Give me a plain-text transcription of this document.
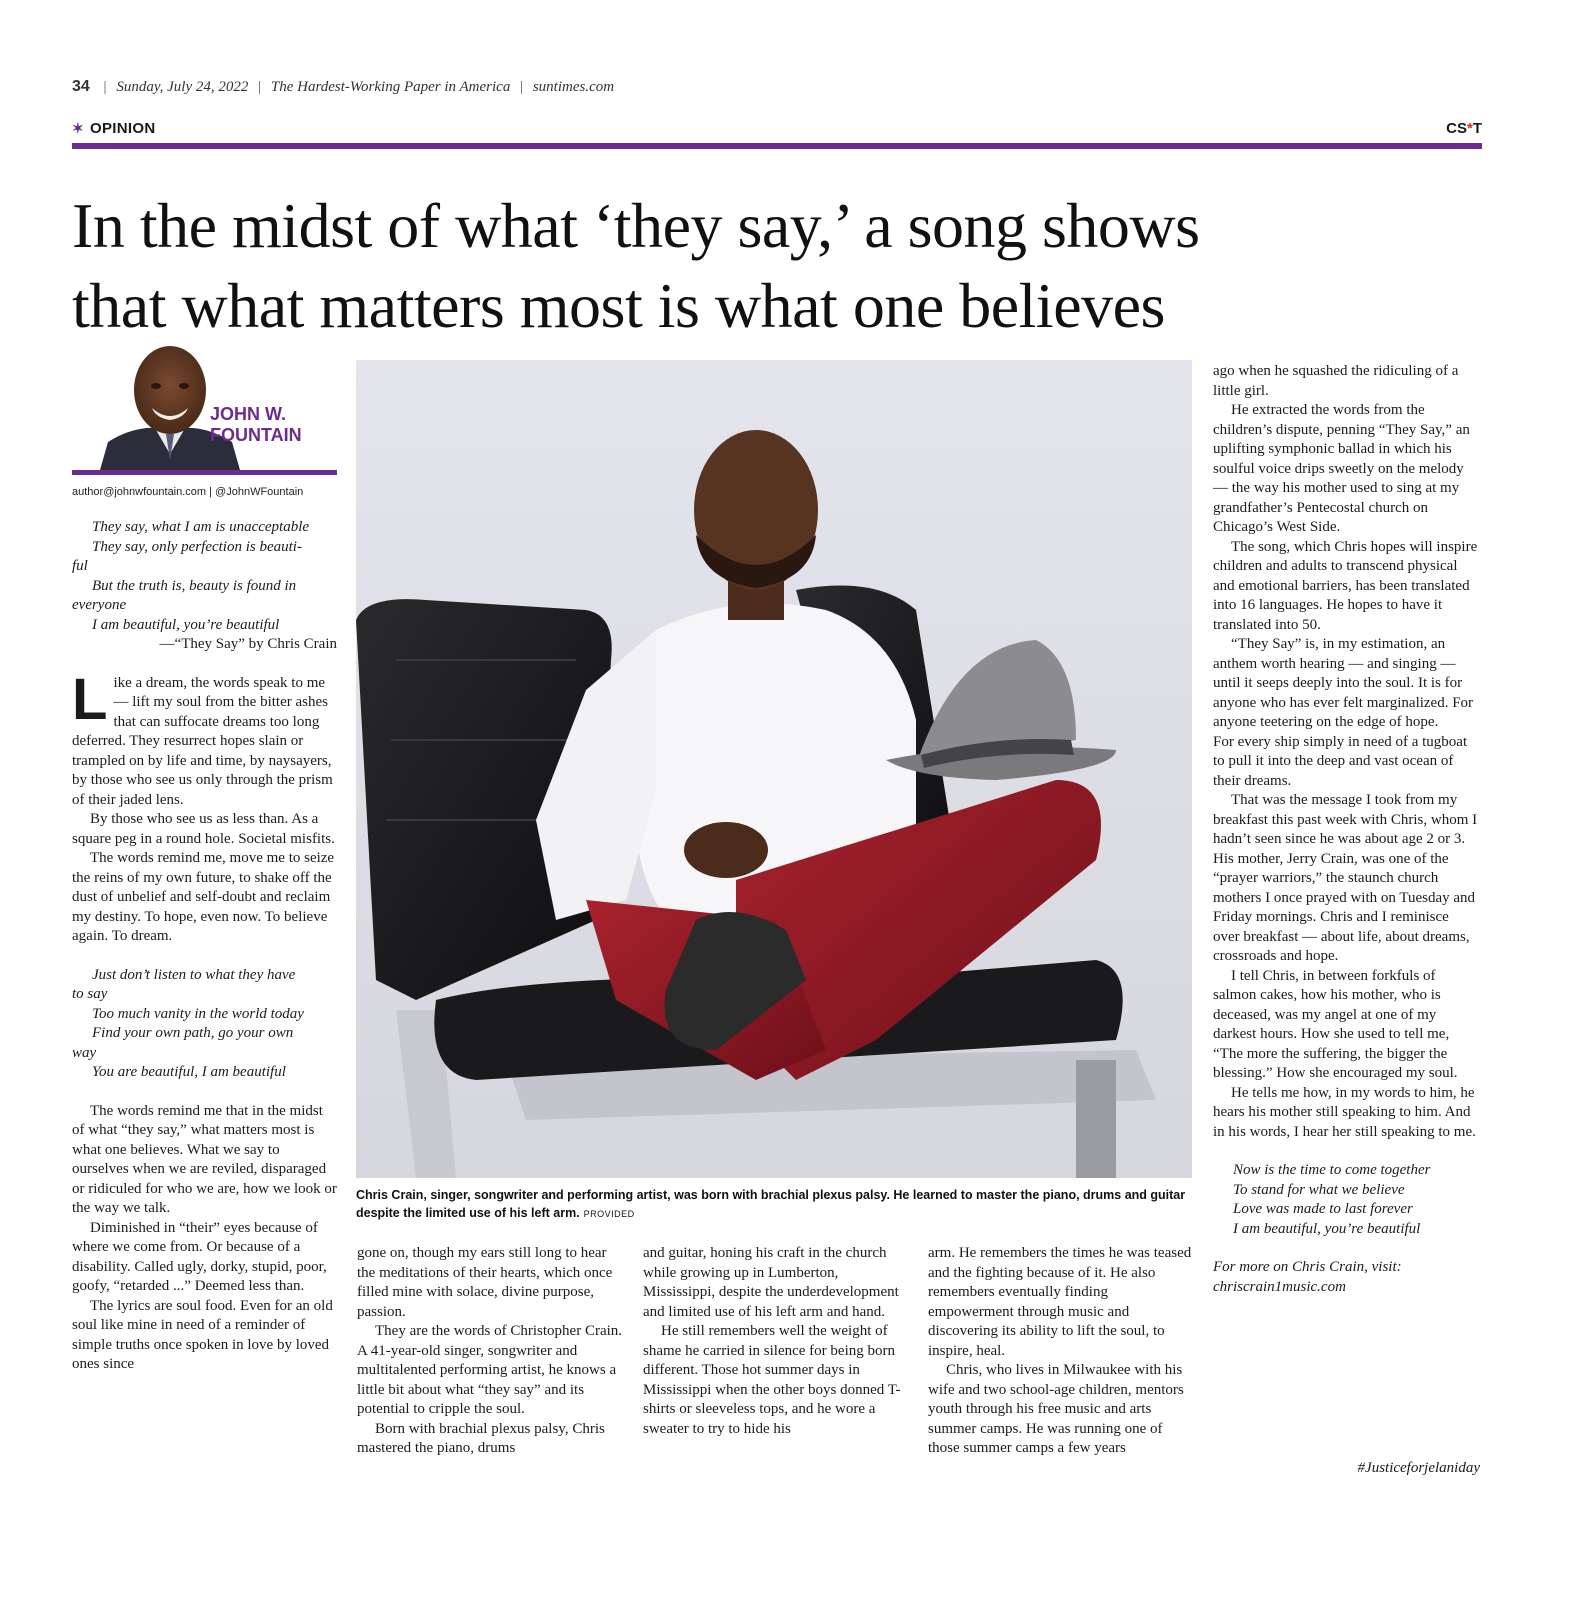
34 | Sunday, July 24, 2022 | The Hardest-Working Paper in America | suntimes.com
✶ OPINION	CS*T
In the midst of what ‘they say,’ a song shows
that what matters most is what one believes
JOHN W.
FOUNTAIN
author@johnwfountain.com | @JohnWFountain
They say, what I am is unacceptable
They say, only perfection is beauti-
ful
But the truth is, beauty is found in
everyone
I am beautiful, you’re beautiful
—“They Say” by Chris Crain

Like a dream, the words speak to me — lift my soul from the bitter ashes that can suffocate dreams too long deferred. They resurrect hopes slain or trampled on by life and time, by naysayers, by those who see us only through the prism of their jaded lens.

By those who see us as less than. As a square peg in a round hole. Societal misfits.

The words remind me, move me to seize the reins of my own future, to shake off the dust of unbelief and self-doubt and reclaim my destiny. To hope, even now. To believe again. To dream.

Just don’t listen to what they have
to say
Too much vanity in the world today
Find your own path, go your own
way
You are beautiful, I am beautiful

The words remind me that in the midst of what “they say,” what matters most is what one believes. What we say to ourselves when we are reviled, disparaged or ridiculed for who we are, how we look or the way we talk.

Diminished in “their” eyes because of where we come from. Or because of a disability. Called ugly, dorky, stupid, poor, goofy, “retarded ...” Deemed less than.

The lyrics are soul food. Even for an old soul like mine in need of a reminder of simple truths once spoken in love by loved ones since

Chris Crain, singer, songwriter and performing artist, was born with brachial plexus palsy. He learned to master the piano, drums and guitar despite the limited use of his left arm. PROVIDED

gone on, though my ears still long to hear the meditations of their hearts, which once filled mine with solace, divine purpose, passion.

They are the words of Christopher Crain. A 41-year-old singer, songwriter and multitalented performing artist, he knows a little bit about what “they say” and its potential to cripple the soul.

Born with brachial plexus palsy, Chris mastered the piano, drums

and guitar, honing his craft in the church while growing up in Lumberton, Mississippi, despite the underdevelopment and limited use of his left arm and hand.

He still remembers well the weight of shame he carried in silence for being born different. Those hot summer days in Mississippi when the other boys donned T-shirts or sleeveless tops, and he wore a sweater to try to hide his

arm. He remembers the times he was teased and the fighting because of it. He also remembers eventually finding empowerment through music and discovering its ability to lift the soul, to inspire, heal.

Chris, who lives in Milwaukee with his wife and two school-age children, mentors youth through his free music and arts summer camps. He was running one of those summer camps a few years

ago when he squashed the ridiculing of a little girl.

He extracted the words from the children’s dispute, penning “They Say,” an uplifting symphonic ballad in which his soulful voice drips sweetly on the melody — the way his mother used to sing at my grandfather’s Pentecostal church on Chicago’s West Side.

The song, which Chris hopes will inspire children and adults to transcend physical and emotional barriers, has been translated into 16 languages. He hopes to have it translated into 50.

“They Say” is, in my estimation, an anthem worth hearing — and singing — until it seeps deeply into the soul. It is for anyone who has ever felt marginalized. For anyone teetering on the edge of hope.

For every ship simply in need of a tugboat to pull it into the deep and vast ocean of their dreams.

That was the message I took from my breakfast this past week with Chris, whom I hadn’t seen since he was about age 2 or 3. His mother, Jerry Crain, was one of the “prayer warriors,” the staunch church mothers I once prayed with on Tuesday and Friday mornings. Chris and I reminisce over breakfast — about life, about dreams, crossroads and hope.

I tell Chris, in between forkfuls of salmon cakes, how his mother, who is deceased, was my angel at one of my darkest hours. How she used to tell me, “The more the suffering, the bigger the blessing.” How she encouraged my soul.

He tells me how, in my words to him, he hears his mother still speaking to him. And in his words, I hear her still speaking to me.

Now is the time to come together
To stand for what we believe
Love was made to last forever
I am beautiful, you’re beautiful
For more on Chris Crain, visit:
chriscrain1music.com
#Justiceforjelaniday
